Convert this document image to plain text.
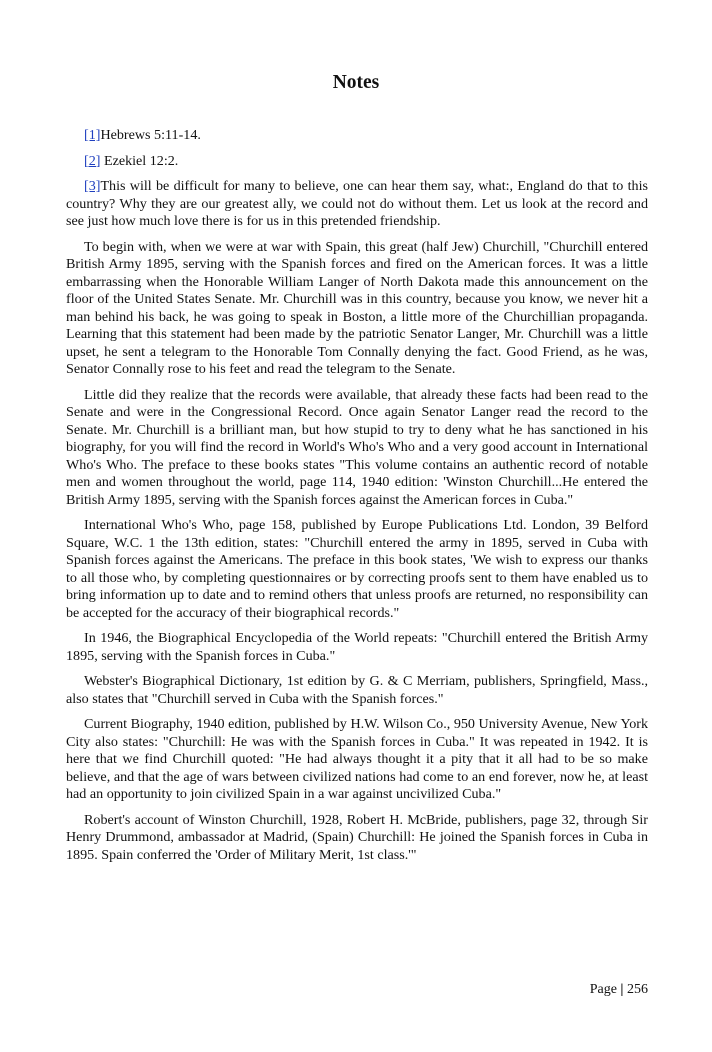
Notes

[1]Hebrews 5:11-14.

[2] Ezekiel 12:2.

[3]This will be difficult for many to believe, one can hear them say, what:, England do that to this country? Why they are our greatest ally, we could not do without them. Let us look at the record and see just how much love there is for us in this pretended friendship.

To begin with, when we were at war with Spain, this great (half Jew) Churchill, "Churchill entered British Army 1895, serving with the Spanish forces and fired on the American forces. It was a little embarrassing when the Honorable William Langer of North Dakota made this announcement on the floor of the United States Senate. Mr. Churchill was in this country, because you know, we never hit a man behind his back, he was going to speak in Boston, a little more of the Churchillian propaganda. Learning that this statement had been made by the patriotic Senator Langer, Mr. Churchill was a little upset, he sent a telegram to the Honorable Tom Connally denying the fact. Good Friend, as he was, Senator Connally rose to his feet and read the telegram to the Senate.

Little did they realize that the records were available, that already these facts had been read to the Senate and were in the Congressional Record. Once again Senator Langer read the record to the Senate. Mr. Churchill is a brilliant man, but how stupid to try to deny what he has sanctioned in his biography, for you will find the record in World's Who's Who and a very good account in International Who's Who. The preface to these books states "This volume contains an authentic record of notable men and women throughout the world, page 114, 1940 edition: 'Winston Churchill...He entered the British Army 1895, serving with the Spanish forces against the American forces in Cuba."

International Who's Who, page 158, published by Europe Publications Ltd. London, 39 Belford Square, W.C. 1 the 13th edition, states: "Churchill entered the army in 1895, served in Cuba with Spanish forces against the Americans. The preface in this book states, 'We wish to express our thanks to all those who, by completing questionnaires or by correcting proofs sent to them have enabled us to bring information up to date and to remind others that unless proofs are returned, no responsibility can be accepted for the accuracy of their biographical records."

In 1946, the Biographical Encyclopedia of the World repeats: "Churchill entered the British Army 1895, serving with the Spanish forces in Cuba."

Webster's Biographical Dictionary, 1st edition by G. & C Merriam, publishers, Springfield, Mass., also states that "Churchill served in Cuba with the Spanish forces."

Current Biography, 1940 edition, published by H.W. Wilson Co., 950 University Avenue, New York City also states: "Churchill: He was with the Spanish forces in Cuba." It was repeated in 1942. It is here that we find Churchill quoted: "He had always thought it a pity that it all had to be so make believe, and that the age of wars between civilized nations had come to an end forever, now he, at least had an opportunity to join civilized Spain in a war against uncivilized Cuba."

Robert's account of Winston Churchill, 1928, Robert H. McBride, publishers, page 32, through Sir Henry Drummond, ambassador at Madrid, (Spain) Churchill: He joined the Spanish forces in Cuba in 1895. Spain conferred the 'Order of Military Merit, 1st class.'"

Page | 256
